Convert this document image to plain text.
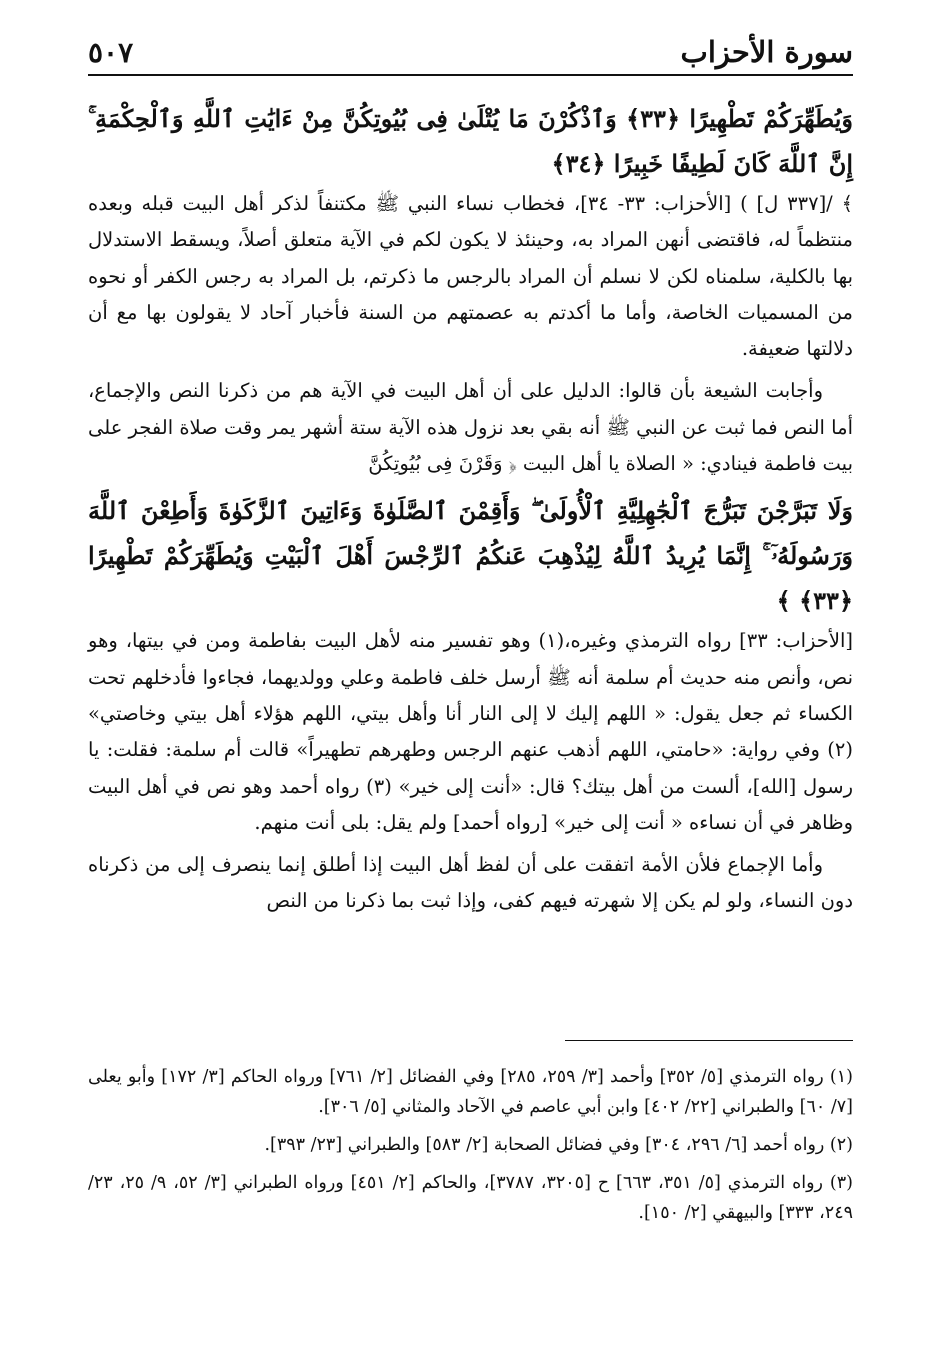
سورة الأحزاب
٥٠٧
وَيُطَهِّرَكُمْ تَطْهِيرًا ﴿٣٣﴾ وَٱذْكُرْنَ مَا يُتْلَىٰ فِى بُيُوتِكُنَّ مِنْ ءَايَٰتِ ٱللَّهِ وَٱلْحِكْمَةِ ۚ إِنَّ ٱللَّهَ كَانَ لَطِيفًا خَبِيرًا ﴿٣٤﴾

﴾ /[٣٣٧ ل] ) [الأحزاب: ٣٣- ٣٤]، فخطاب نساء النبي ﷺ مكتنفاً لذكر أهل البيت قبله وبعده منتظماً له، فاقتضى أنهن المراد به، وحينئذ لا يكون لكم في الآية متعلق أصلاً، ويسقط الاستدلال بها بالكلية، سلمناه لكن لا نسلم أن المراد بالرجس ما ذكرتم، بل المراد به رجس الكفر أو نحوه من المسميات الخاصة، وأما ما أكدتم به عصمتهم من السنة فأخبار آحاد لا يقولون بها مع أن دلالتها ضعيفة.

وأجابت الشيعة بأن قالوا: الدليل على أن أهل البيت في الآية هم من ذكرنا النص والإجماع، أما النص فما ثبت عن النبي ﷺ أنه بقي بعد نزول هذه الآية ستة أشهر يمر وقت صلاة الفجر على بيت فاطمة فينادي: « الصلاة يا أهل البيت ﴿ وَقَرْنَ فِى بُيُوتِكُنَّ

وَلَا تَبَرَّجْنَ تَبَرُّجَ ٱلْجَٰهِلِيَّةِ ٱلْأُولَىٰ ۖ وَأَقِمْنَ ٱلصَّلَوٰةَ وَءَاتِينَ ٱلزَّكَوٰةَ وَأَطِعْنَ ٱللَّهَ وَرَسُولَهُۥٓ ۚ إِنَّمَا يُرِيدُ ٱللَّهُ لِيُذْهِبَ عَنكُمُ ٱلرِّجْسَ أَهْلَ ٱلْبَيْتِ وَيُطَهِّرَكُمْ تَطْهِيرًا ﴿٣٣﴾ ﴾

[الأحزاب: ٣٣] رواه الترمذي وغيره،(١) وهو تفسير منه لأهل البيت بفاطمة ومن في بيتها، وهو نص، وأنص منه حديث أم سلمة أنه ﷺ أرسل خلف فاطمة وعلي وولديهما، فجاءوا فأدخلهم تحت الكساء ثم جعل يقول: « اللهم إليك لا إلى النار أنا وأهل بيتي، اللهم هؤلاء أهل بيتي وخاصتي» (٢) وفي رواية: «حامتي، اللهم أذهب عنهم الرجس وطهرهم تطهيراً» قالت أم سلمة: فقلت: يا رسول [الله]، ألست من أهل بيتك؟ قال: «أنت إلى خير» (٣) رواه أحمد وهو نص في أهل البيت وظاهر في أن نساءه « أنت إلى خير» [رواه أحمد] ولم يقل: بلى أنت منهم.

وأما الإجماع فلأن الأمة اتفقت على أن لفظ أهل البيت إذا أطلق إنما ينصرف إلى من ذكرناه دون النساء، ولو لم يكن إلا شهرته فيهم كفى، وإذا ثبت بما ذكرنا من النص

(١) رواه الترمذي [٥/ ٣٥٢] وأحمد [٣/ ٢٥٩، ٢٨٥] وفي الفضائل [٢/ ٧٦١] ورواه الحاكم [٣/ ١٧٢] وأبو يعلى [٧/ ٦٠] والطبراني [٢٢/ ٤٠٢] وابن أبي عاصم في الآحاد والمثاني [٥/ ٣٠٦].

(٢) رواه أحمد [٦/ ٢٩٦، ٣٠٤] وفي فضائل الصحابة [٢/ ٥٨٣] والطبراني [٢٣/ ٣٩٣].

(٣) رواه الترمذي [٥/ ٣٥١، ٦٦٣] ح [٣٢٠٥، ٣٧٨٧]، والحاكم [٢/ ٤٥١] ورواه الطبراني [٣/ ٥٢، ٩/ ٢٥، ٢٣/ ٢٤٩، ٣٣٣] والبيهقي [٢/ ١٥٠].
